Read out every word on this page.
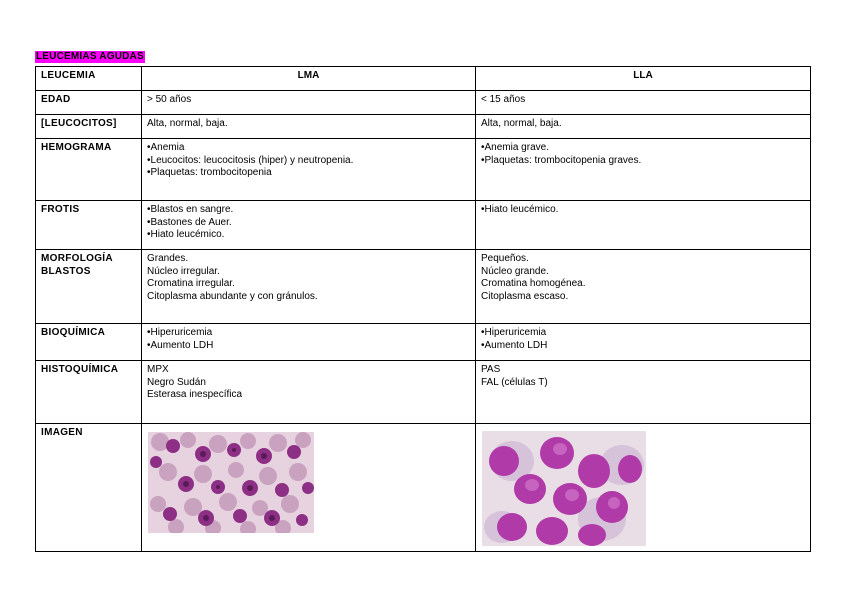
LEUCEMIAS AGUDAS
LEUCEMIA	LMA	LLA
EDAD	> 50 años	< 15 años

[LEUCOCITOS]	Alta, normal, baja.	Alta, normal, baja.

HEMOGRAMA	•Anemia
•Leucocitos: leucocitosis (hiper) y neutropenia.
•Plaquetas: trombocitopenia	•Anemia grave.
•Plaquetas: trombocitopenia graves.

FROTIS	•Blastos en sangre.
•Bastones de Auer.
•Hiato leucémico.	•Hiato leucémico.

MORFOLOGÍA
BLASTOS	Grandes.
Núcleo irregular.
Cromatina irregular.
Citoplasma abundante y con gránulos.	Pequeños.
Núcleo grande.
Cromatina homogénea.
Citoplasma escaso.

BIOQUÍMICA	•Hiperuricemia
•Aumento LDH	•Hiperuricemia
•Aumento LDH

HISTOQUÍMICA	MPX
Negro Sudán
Esterasa inespecífica	PAS
FAL (células T)

IMAGEN	
